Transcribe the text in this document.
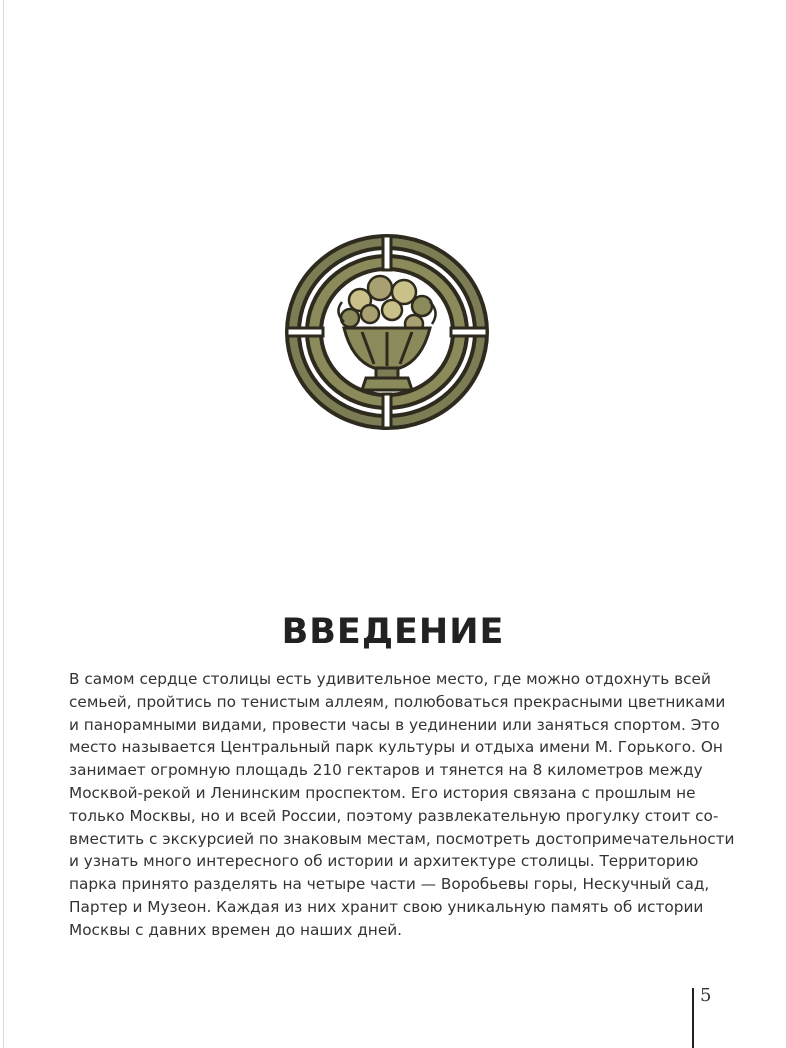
ВВЕДЕНИЕ
В самом сердце столицы есть удивительное место, где можно отдохнуть всей
семьей, пройтись по тенистым аллеям, полюбоваться прекрасными цветниками
и панорамными видами, провести часы в уединении или заняться спортом. Это
место называется Центральный парк культуры и отдыха имени М. Горького. Он
занимает огромную площадь 210 гектаров и тянется на 8 километров между
Москвой-рекой и Ленинским проспектом. Его история связана с прошлым не
только Москвы, но и всей России, поэтому развлекательную прогулку стоит со-
вместить с экскурсией по знаковым местам, посмотреть достопримечательности
и узнать много интересного об истории и архитектуре столицы. Территорию
парка принято разделять на четыре части — Воробьевы горы, Нескучный сад,
Партер и Музеон. Каждая из них хранит свою уникальную память об истории
Москвы с давних времен до наших дней.
5
